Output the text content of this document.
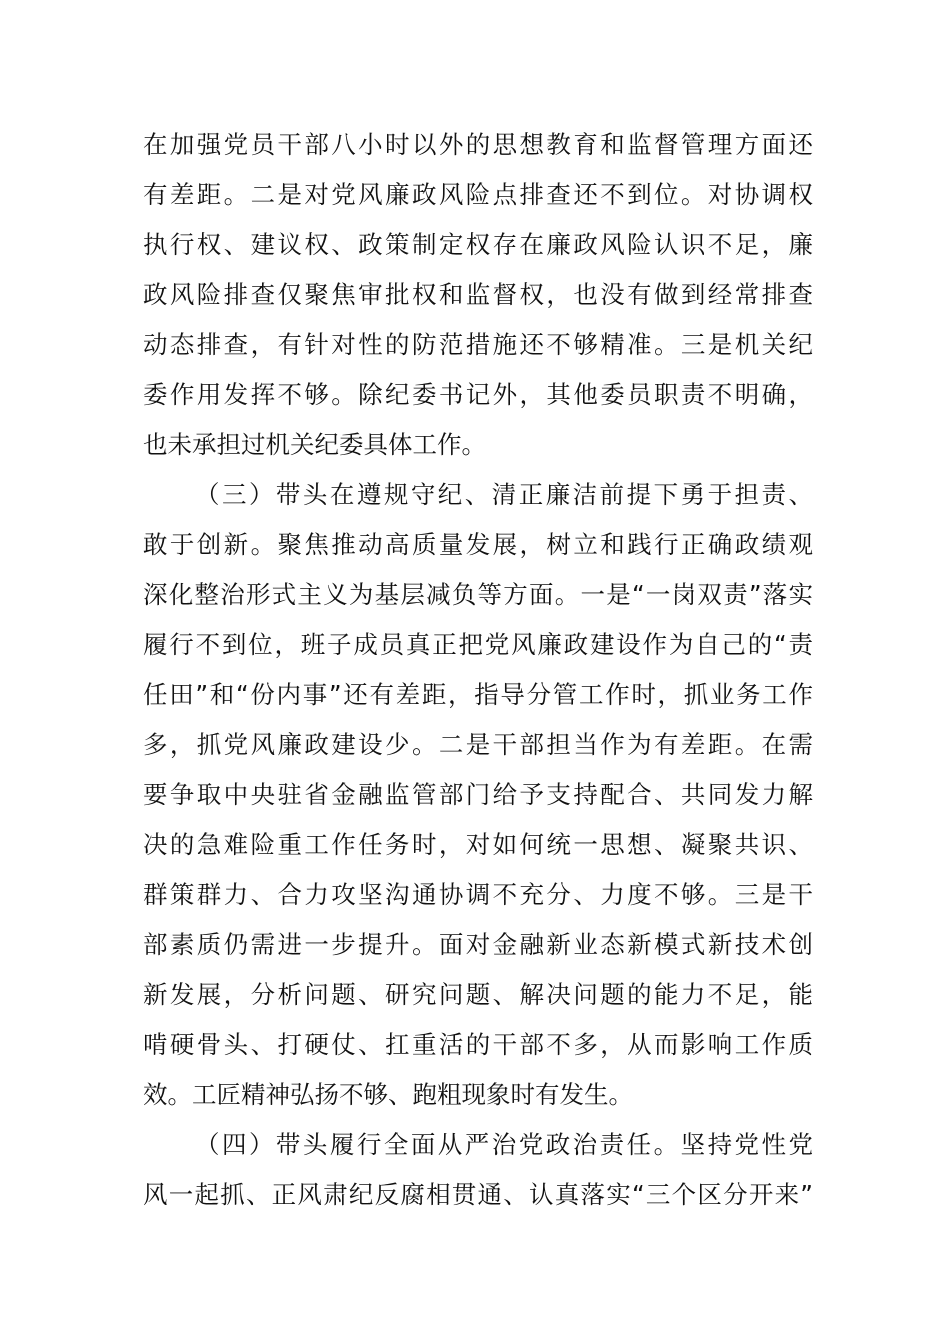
在加强党员干部八小时以外的思想教育和监督管理方面还
有差距。二是对党风廉政风险点排查还不到位。对协调权
执行权、建议权、政策制定权存在廉政风险认识不足，廉
政风险排查仅聚焦审批权和监督权，也没有做到经常排查
动态排查，有针对性的防范措施还不够精准。三是机关纪
委作用发挥不够。除纪委书记外，其他委员职责不明确，
也未承担过机关纪委具体工作。
（三）带头在遵规守纪、清正廉洁前提下勇于担责、
敢于创新。聚焦推动高质量发展，树立和践行正确政绩观
深化整治形式主义为基层减负等方面。一是“一岗双责”落实
履行不到位，班子成员真正把党风廉政建设作为自己的“责
任田”和“份内事”还有差距，指导分管工作时，抓业务工作
多，抓党风廉政建设少。二是干部担当作为有差距。在需
要争取中央驻省金融监管部门给予支持配合、共同发力解
决的急难险重工作任务时，对如何统一思想、凝聚共识、
群策群力、合力攻坚沟通协调不充分、力度不够。三是干
部素质仍需进一步提升。面对金融新业态新模式新技术创
新发展，分析问题、研究问题、解决问题的能力不足，能
啃硬骨头、打硬仗、扛重活的干部不多，从而影响工作质
效。工匠精神弘扬不够、跑粗现象时有发生。
（四）带头履行全面从严治党政治责任。坚持党性党
风一起抓、正风肃纪反腐相贯通、认真落实“三个区分开来”
